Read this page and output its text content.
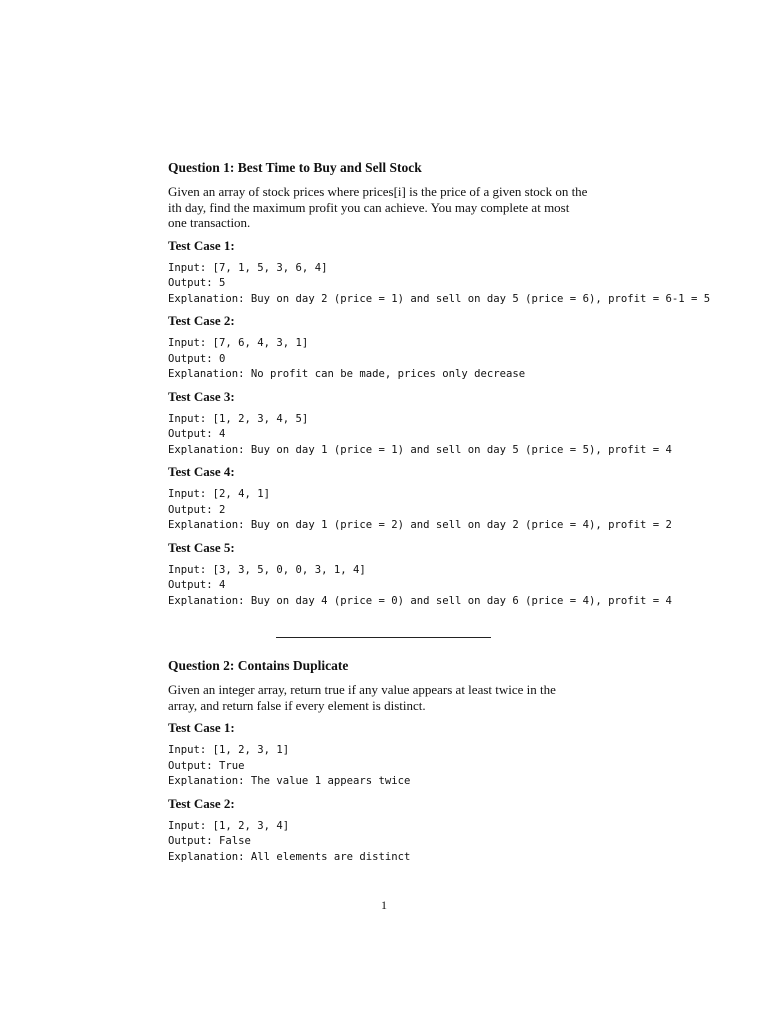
Question 1: Best Time to Buy and Sell Stock
Given an array of stock prices where prices[i] is the price of a given stock on the
ith day, find the maximum profit you can achieve. You may complete at most
one transaction.
Test Case 1:
Input: [7, 1, 5, 3, 6, 4]
Output: 5
Explanation: Buy on day 2 (price = 1) and sell on day 5 (price = 6), profit = 6-1 = 5
Test Case 2:
Input: [7, 6, 4, 3, 1]
Output: 0
Explanation: No profit can be made, prices only decrease
Test Case 3:
Input: [1, 2, 3, 4, 5]
Output: 4
Explanation: Buy on day 1 (price = 1) and sell on day 5 (price = 5), profit = 4
Test Case 4:
Input: [2, 4, 1]
Output: 2
Explanation: Buy on day 1 (price = 2) and sell on day 2 (price = 4), profit = 2
Test Case 5:
Input: [3, 3, 5, 0, 0, 3, 1, 4]
Output: 4
Explanation: Buy on day 4 (price = 0) and sell on day 6 (price = 4), profit = 4
Question 2: Contains Duplicate
Given an integer array, return true if any value appears at least twice in the
array, and return false if every element is distinct.
Test Case 1:
Input: [1, 2, 3, 1]
Output: True
Explanation: The value 1 appears twice
Test Case 2:
Input: [1, 2, 3, 4]
Output: False
Explanation: All elements are distinct
1
